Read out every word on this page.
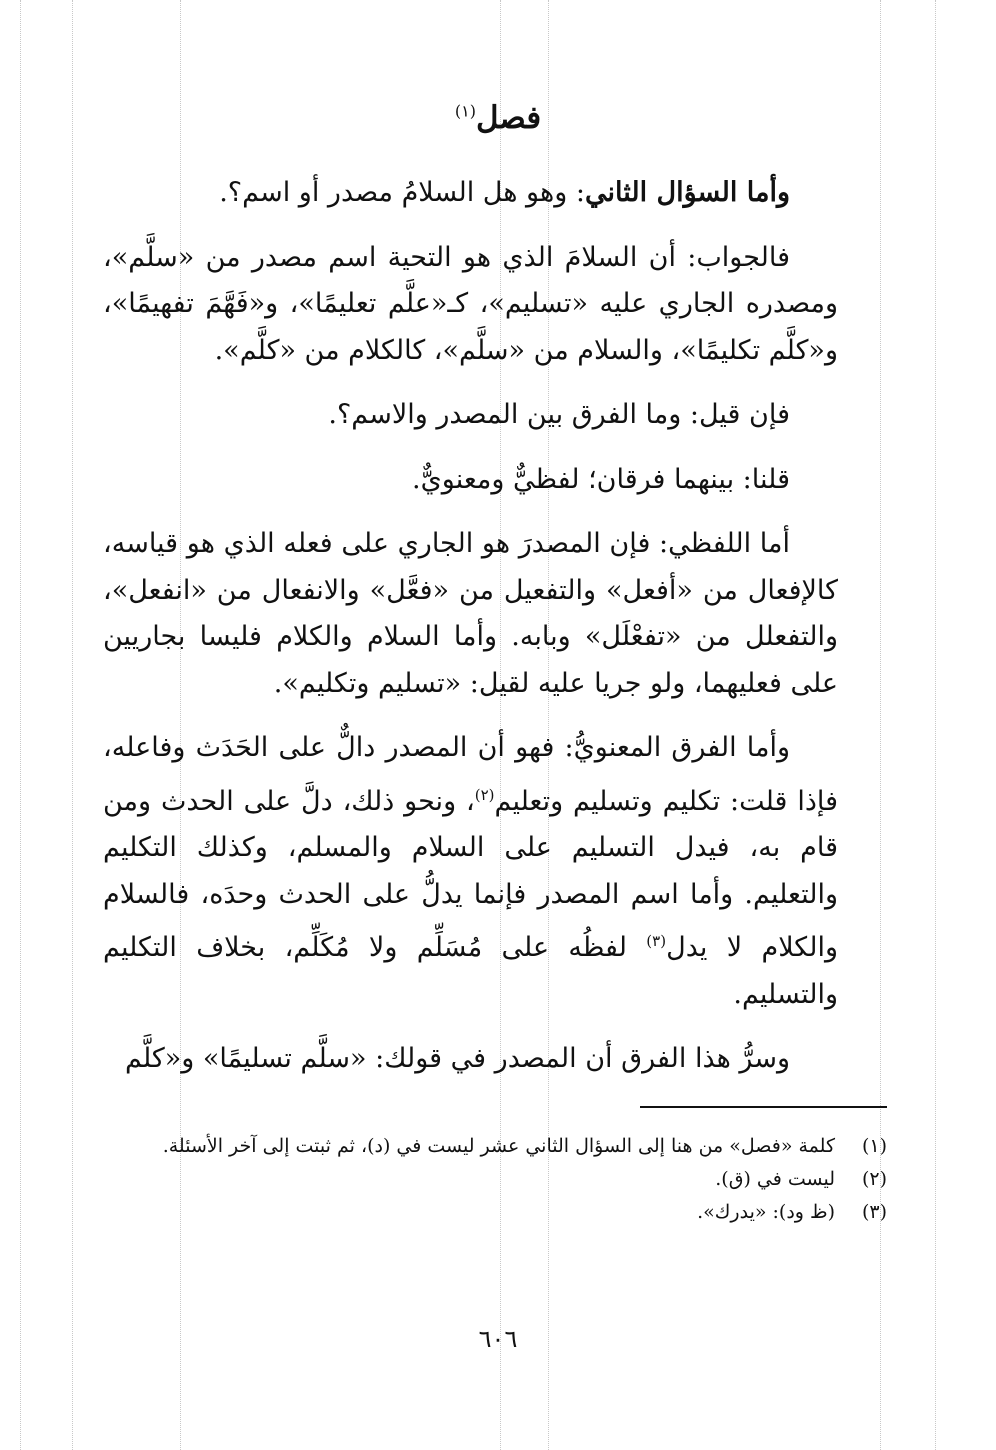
فصل$^{(١)}$

وأما السؤال الثاني: وهو هل السلامُ مصدر أو اسم؟.

فالجواب: أن السلامَ الذي هو التحية اسم مصدر من «سلَّم»، ومصدره الجاري عليه «تسليم»، كـ«علَّم تعليمًا»، و«فَهَّمَ تفهيمًا»، و«كلَّم تكليمًا»، والسلام من «سلَّم»، كالكلام من «كلَّم».

فإن قيل: وما الفرق بين المصدر والاسم؟.

قلنا: بينهما فرقان؛ لفظيٌّ ومعنويٌّ.

أما اللفظي: فإن المصدرَ هو الجاري على فعله الذي هو قياسه، كالإفعال من «أفعل» والتفعيل من «فعَّل» والانفعال من «انفعل»، والتفعلل من «تفعْلَل» وبابه. وأما السلام والكلام فليسا بجاريين على فعليهما، ولو جريا عليه لقيل: «تسليم وتكليم».

وأما الفرق المعنويُّ: فهو أن المصدر دالٌّ على الحَدَث وفاعله، فإذا قلت: تكليم وتسليم وتعليم$^{(٢)}$، ونحو ذلك، دلَّ على الحدث ومن قام به، فيدل التسليم على السلام والمسلم، وكذلك التكليم والتعليم. وأما اسم المصدر فإنما يدلُّ على الحدث وحدَه، فالسلام والكلام لا يدل$^{(٣)}$ لفظُه على مُسَلِّم ولا مُكَلِّم، بخلاف التكليم والتسليم.

وسرُّ هذا الفرق أن المصدر في قولك: «سلَّم تسليمًا» و«كلَّم

(١)
كلمة «فصل» من هنا إلى السؤال الثاني عشر ليست في (د)، ثم ثبتت إلى آخر الأسئلة.
(٢)
ليست في (ق).
(٣)
(ظ ود): «يدرك».
٦٠٦
